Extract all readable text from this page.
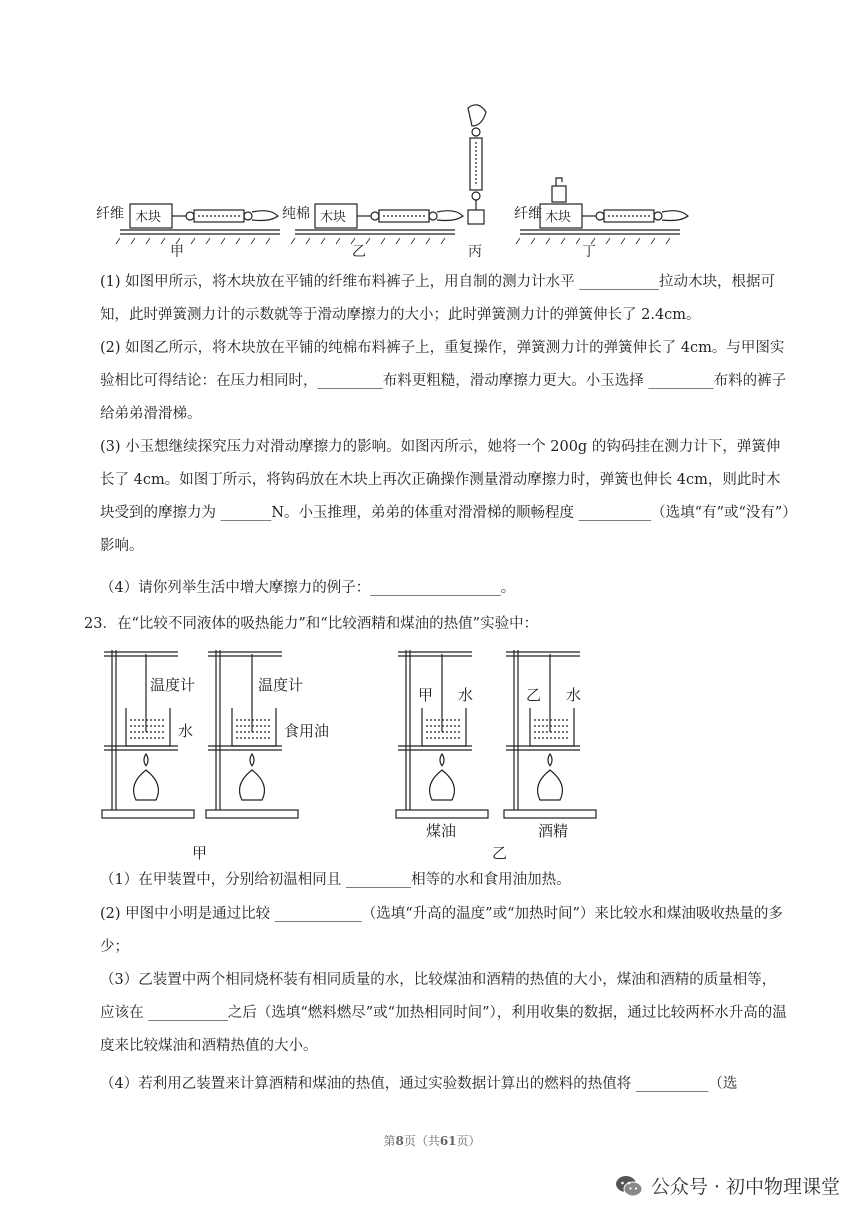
纤维 木块
甲
纯棉 木块
乙	丙
纤维 木块
丁

(1) 如图甲所示，将木块放在平铺的纤维布料裤子上，用自制的测力计水平 ___________拉动木块，根据可知，此时弹簧测力计的示数就等于滑动摩擦力的大小；此时弹簧测力计的弹簧伸长了 2.4cm。

(2) 如图乙所示，将木块放在平铺的纯棉布料裤子上，重复操作，弹簧测力计的弹簧伸长了 4cm。与甲图实验相比可得结论：在压力相同时，_________布料更粗糙，滑动摩擦力更大。小玉选择 _________布料的裤子给弟弟滑滑梯。

(3) 小玉想继续探究压力对滑动摩擦力的影响。如图丙所示，她将一个 200g 的钩码挂在测力计下，弹簧伸长了 4cm。如图丁所示，将钩码放在木块上再次正确操作测量滑动摩擦力时，弹簧也伸长 4cm，则此时木块受到的摩擦力为 _______N。小玉推理，弟弟的体重对滑滑梯的顺畅程度 __________（选填“有”或“没有”）影响。

（4）请你列举生活中增大摩擦力的例子：__________________。

23．在“比较不同液体的吸热能力”和“比较酒精和煤油的热值”实验中：
温度计
水
温度计
食用油
甲 水	乙 水
煤油	酒精
甲	乙

（1）在甲装置中，分别给初温相同且 _________相等的水和食用油加热。

(2) 甲图中小明是通过比较 ____________（选填“升高的温度”或“加热时间”）来比较水和煤油吸收热量的多少；

（3）乙装置中两个相同烧杯装有相同质量的水，比较煤油和酒精的热值的大小，煤油和酒精的质量相等，应该在 ___________之后（选填“燃料燃尽”或“加热相同时间”），利用收集的数据，通过比较两杯水升高的温度来比较煤油和酒精热值的大小。

（4）若利用乙装置来计算酒精和煤油的热值，通过实验数据计算出的燃料的热值将 __________（选

第8页（共61页）
公众号 · 初中物理课堂
